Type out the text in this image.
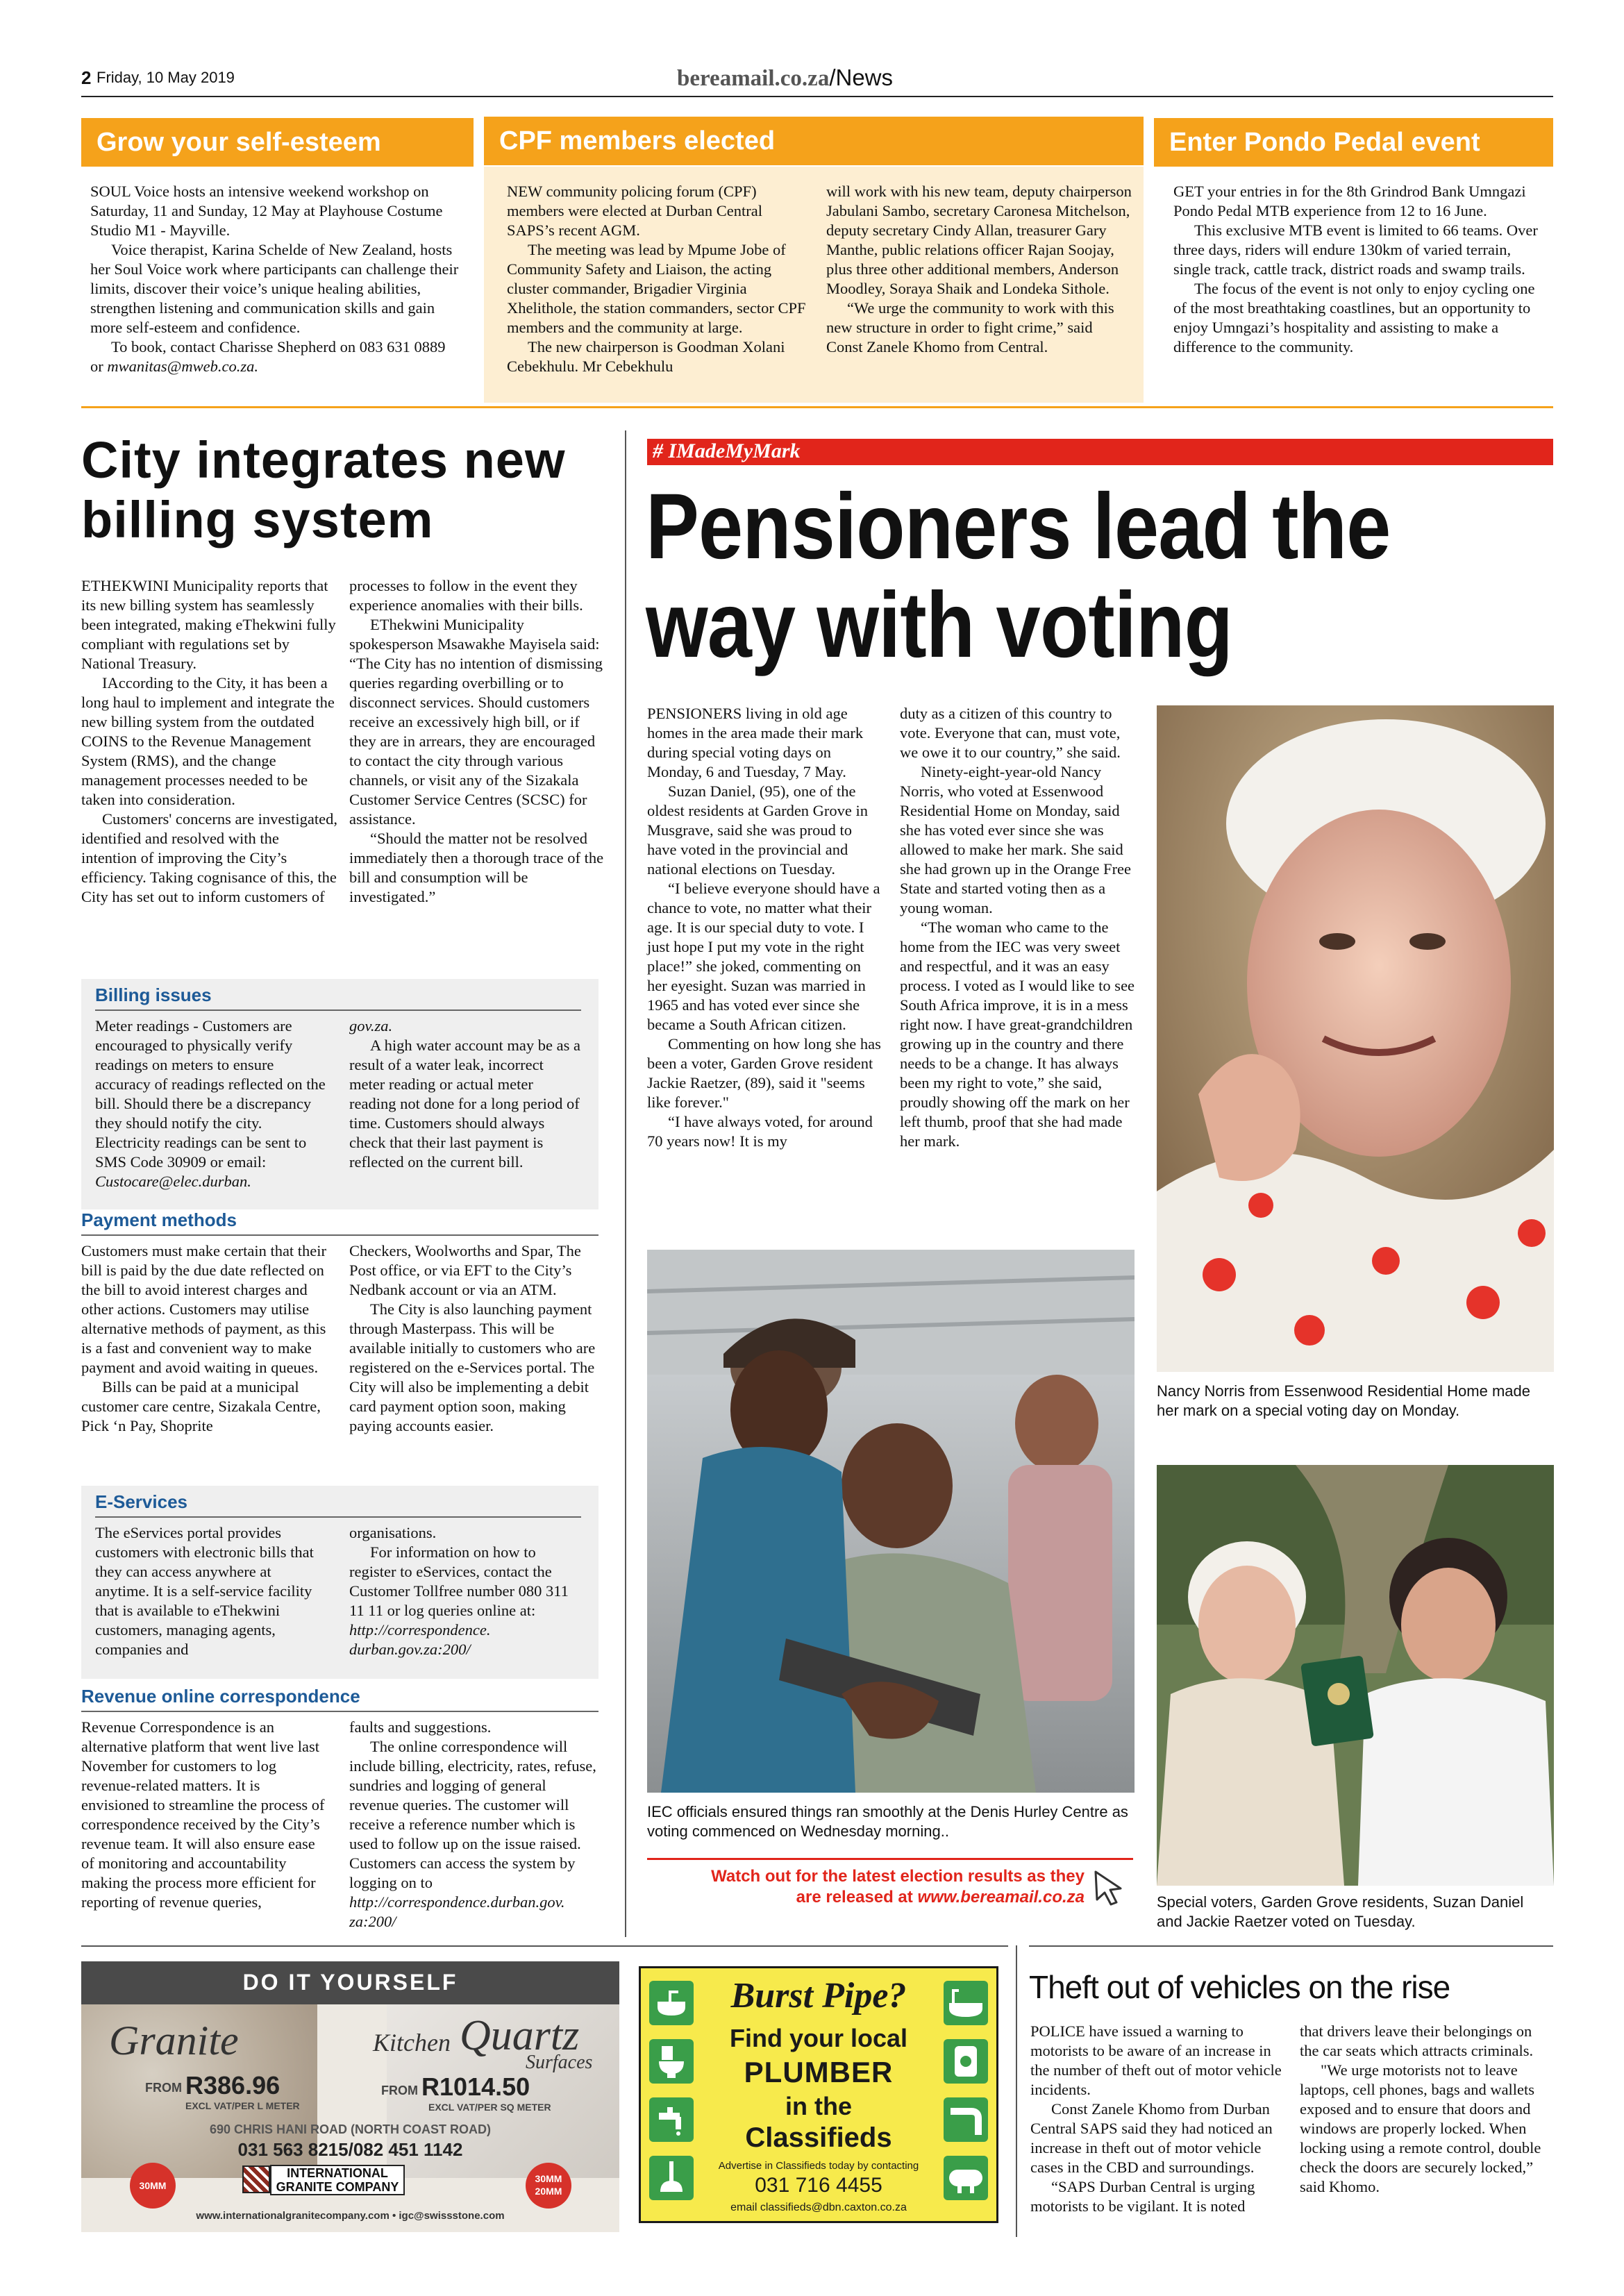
2 Friday, 10 May 2019	bereamail.co.za/News
Grow your self-esteem	CPF members elected	Enter Pondo Pedal event

SOUL Voice hosts an intensive weekend workshop on Saturday, 11 and Sunday, 12 May at Playhouse Costume Studio M1 - Mayville.

Voice therapist, Karina Schelde of New Zealand, hosts her Soul Voice work where participants can challenge their limits, discover their voice’s unique healing abilities, strengthen listening and communication skills and gain more self-esteem and confidence.

To book, contact Charisse Shepherd on 083 631 0889 or mwanitas@mweb.co.za.

NEW community policing forum (CPF) members were elected at Durban Central SAPS’s recent AGM.

The meeting was lead by Mpume Jobe of Community Safety and Liaison, the acting cluster commander, Brigadier Virginia Xhelithole, the station commanders, sector CPF members and the community at large.

The new chairperson is Goodman Xolani Cebekhulu. Mr Cebekhulu

will work with his new team, deputy chairperson Jabulani Sambo, secretary Caronesa Mitchelson, deputy secretary Cindy Allan, treasurer Gary Manthe, public relations officer Rajan Soojay, plus three other additional members, Anderson Moodley, Soraya Shaik and Londeka Sithole.

“We urge the community to work with this new structure in order to fight crime,” said Const Zanele Khomo from Central.

GET your entries in for the 8th Grindrod Bank Umngazi Pondo Pedal MTB experience from 12 to 16 June.

This exclusive MTB event is limited to 66 teams. Over three days, riders will endure 130km of varied terrain, single track, cattle track, district roads and swamp trails.

The focus of the event is not only to enjoy cycling one of the most breathtaking coastlines, but an opportunity to enjoy Umngazi’s hospitality and assisting to make a difference to the community.

City integrates new
billing system

ETHEKWINI Municipality reports that its new billing system has seamlessly been integrated, making eThekwini fully compliant with regulations set by National Treasury.

IAccording to the City, it has been a long haul to implement and integrate the new billing system from the outdated COINS to the Revenue Management System (RMS), and the change management processes needed to be taken into consideration.

Customers' concerns are investigated, identified and resolved with the intention of improving the City’s efficiency. Taking cognisance of this, the City has set out to inform customers of

processes to follow in the event they experience anomalies with their bills.

EThekwini Municipality spokesperson Msawakhe Mayisela said: “The City has no intention of dismissing queries regarding overbilling or to disconnect services. Should customers receive an excessively high bill, or if they are in arrears, they are encouraged to contact the city through various channels, or visit any of the Sizakala Customer Service Centres (SCSC) for assistance.

“Should the matter not be resolved immediately then a thorough trace of the bill and consumption will be investigated.”

Billing issues

Meter readings - Customers are encouraged to physically verify readings on meters to ensure accuracy of readings reflected on the bill. Should there be a discrepancy they should notify the city. Electricity readings can be sent to SMS Code 30909 or email: Custocare@elec.durban.

gov.za.

A high water account may be as a result of a water leak, incorrect meter reading or actual meter reading not done for a long period of time. Customers should always check that their last payment is reflected on the current bill.

Payment methods

Customers must make certain that their bill is paid by the due date reflected on the bill to avoid interest charges and other actions. Customers may utilise alternative methods of payment, as this is a fast and convenient way to make payment and avoid waiting in queues.

Bills can be paid at a municipal customer care centre, Sizakala Centre, Pick ‘n Pay, Shoprite

Checkers, Woolworths and Spar, The Post office, or via EFT to the City’s Nedbank account or via an ATM.

The City is also launching payment through Masterpass. This will be available initially to customers who are registered on the e-Services portal. The City will also be implementing a debit card payment option soon, making paying accounts easier.

E-Services

The eServices portal provides customers with electronic bills that they can access anywhere at anytime. It is a self-service facility that is available to eThekwini customers, managing agents, companies and

organisations.

For information on how to register to eServices, contact the Customer Tollfree number 080 311 11 11 or log queries online at: http://correspondence. durban.gov.za:200/

Revenue online correspondence

Revenue Correspondence is an alternative platform that went live last November for customers to log revenue-related matters. It is envisioned to streamline the process of correspondence received by the City’s revenue team. It will also ensure ease of monitoring and accountability making the process more efficient for reporting of revenue queries,

faults and suggestions.

The online correspondence will include billing, electricity, rates, refuse, sundries and logging of general revenue queries. The customer will receive a reference number which is used to follow up on the issue raised. Customers can access the system by logging on to http://correspondence.durban.gov. za:200/

# IMadeMyMark
Pensioners lead the
way with voting

PENSIONERS living in old age homes in the area made their mark during special voting days on Monday, 6 and Tuesday, 7 May.

Suzan Daniel, (95), one of the oldest residents at Garden Grove in Musgrave, said she was proud to have voted in the provincial and national elections on Tuesday.

“I believe everyone should have a chance to vote, no matter what their age. It is our special duty to vote. I just hope I put my vote in the right place!” she joked, commenting on her eyesight. Suzan was married in 1965 and has voted ever since she became a South African citizen.

Commenting on how long she has been a voter, Garden Grove resident Jackie Raetzer, (89), said it "seems like forever."

“I have always voted, for around 70 years now! It is my

duty as a citizen of this country to vote. Everyone that can, must vote, we owe it to our country,” she said.

Ninety-eight-year-old Nancy Norris, who voted at Essenwood Residential Home on Monday, said she has voted ever since she was allowed to make her mark. She said she had grown up in the Orange Free State and started voting then as a young woman.

“The woman who came to the home from the IEC was very sweet and respectful, and it was an easy process. I voted as I would like to see South Africa improve, it is in a mess right now. I have great-grandchildren growing up in the country and there needs to be a change. It has always been my right to vote,” she said, proudly showing off the mark on her left thumb, proof that she had made her mark.

Nancy Norris from Essenwood Residential Home made her mark on a special voting day on Monday.
IEC officials ensured things ran smoothly at the Denis Hurley Centre as voting commenced on Wednesday morning..
Watch out for the latest election results as they
are released at www.bereamail.co.za	Special voters, Garden Grove residents, Suzan Daniel and Jackie Raetzer voted on Tuesday.
DO IT YOURSELF
Granite
FROM R386.96
EXCL VAT/PER L METER
Kitchen Quartz
Surfaces
FROM R1014.50
EXCL VAT/PER SQ METER
690 CHRIS HANI ROAD (NORTH COAST ROAD)
031 563 8215/082 451 1142
30MM
INTERNATIONAL
GRANITE COMPANY
30MM 20MM
www.internationalgranitecompany.com • igc@swissstone.com
Burst Pipe?
Find your local
PLUMBER
in the
Classifieds
Advertise in Classifieds today by contacting
031 716 4455
email classifieds@dbn.caxton.co.za
Theft out of vehicles on the rise

POLICE have issued a warning to motorists to be aware of an increase in the number of theft out of motor vehicle incidents.

Const Zanele Khomo from Durban Central SAPS said they had noticed an increase in theft out of motor vehicle cases in the CBD and surroundings.

“SAPS Durban Central is urging motorists to be vigilant. It is noted

that drivers leave their belongings on the car seats which attracts criminals.

"We urge motorists not to leave laptops, cell phones, bags and wallets exposed and to ensure that doors and windows are properly locked. When locking using a remote control, double check the doors are securely locked,” said Khomo.
